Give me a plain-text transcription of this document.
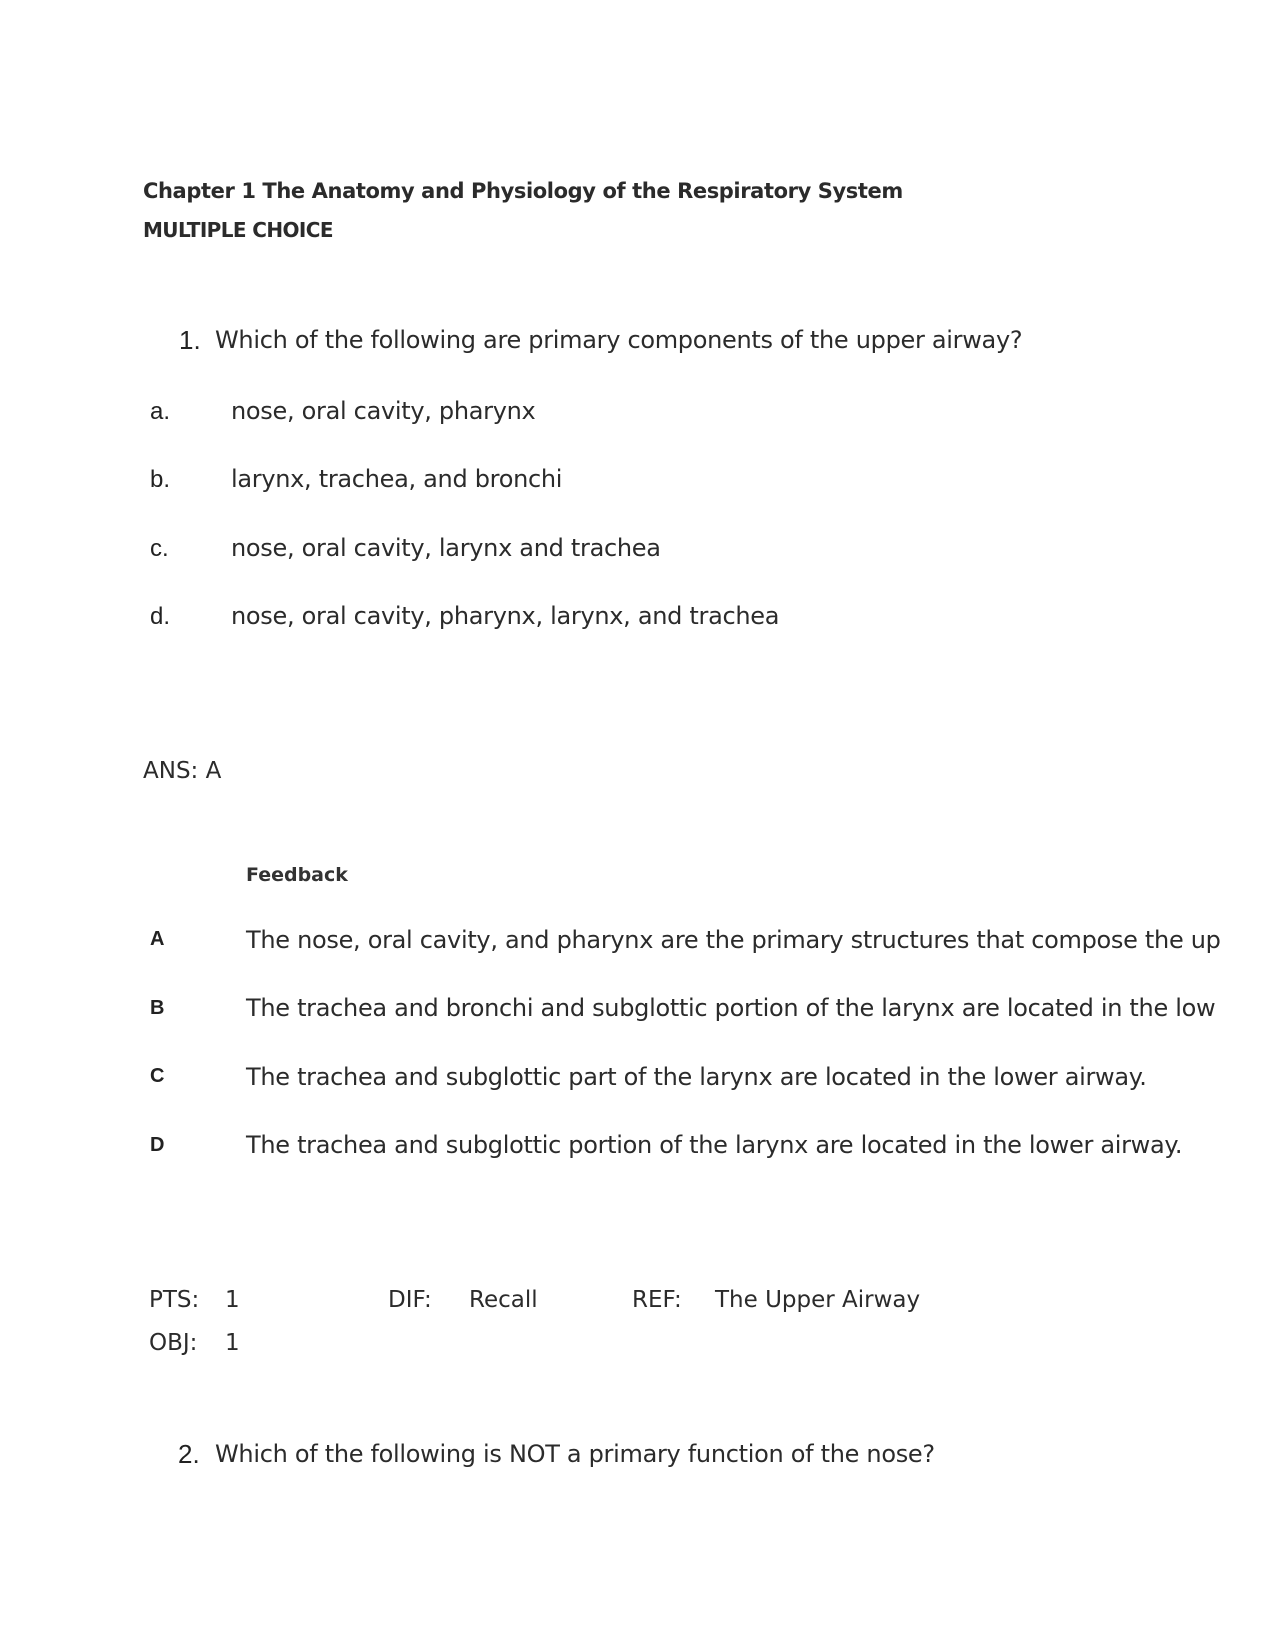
Chapter 1 The Anatomy and Physiology of the Respiratory System
MULTIPLE CHOICE
1. Which of the following are primary components of the upper airway?
a.	nose, oral cavity, pharynx
b.	larynx, trachea, and bronchi
c.	nose, oral cavity, larynx and trachea
d.	nose, oral cavity, pharynx, larynx, and trachea
ANS: A
Feedback
A	The nose, oral cavity, and pharynx are the primary structures that compose the up
B	The trachea and bronchi and subglottic portion of the larynx are located in the low
C	The trachea and subglottic part of the larynx are located in the lower airway.
D	The trachea and subglottic portion of the larynx are located in the lower airway.
PTS: 1	DIF: Recall	REF: The Upper Airway
OBJ: 1
2. Which of the following is NOT a primary function of the nose?
